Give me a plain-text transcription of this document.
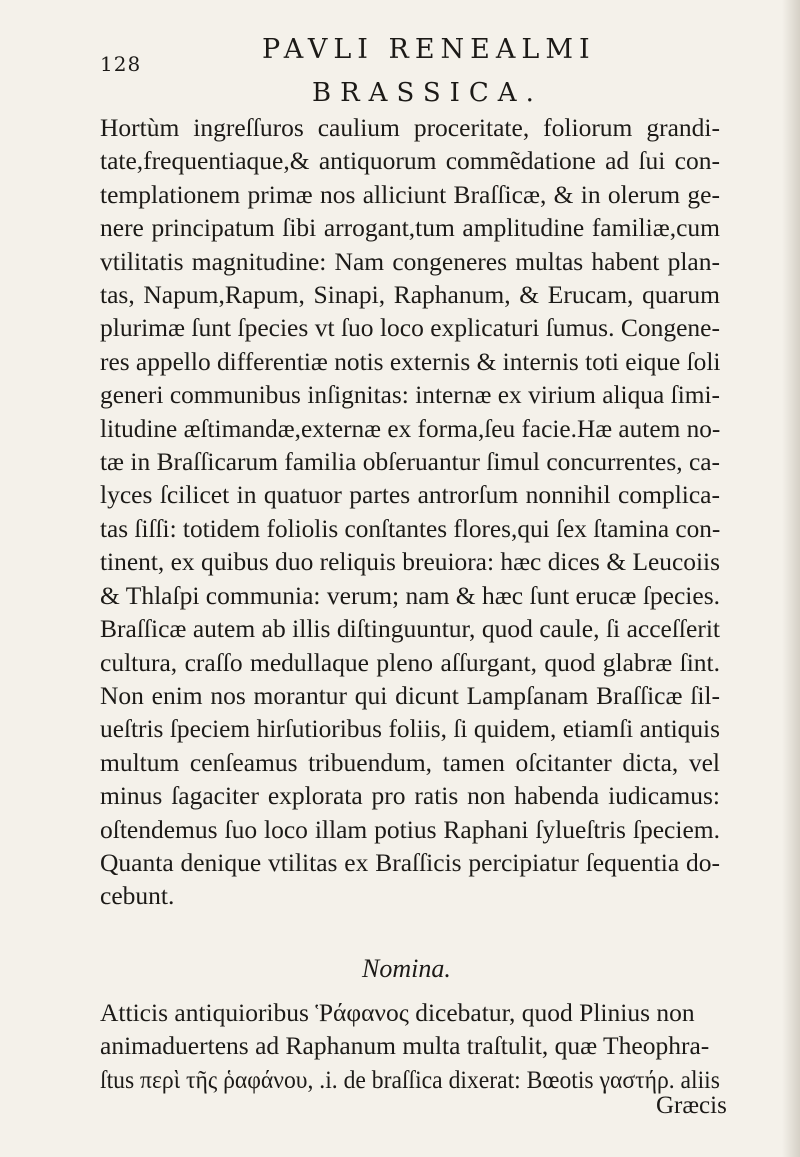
128	PAVLI RENEALMI
BRASSICA.
Hortùm ingreſſuros caulium proceritate, foliorum grandi-
tate,frequentiaque,& antiquorum commẽdatione ad ſui con-
templationem primæ nos alliciunt Braſſicæ, & in olerum ge-
nere principatum ſibi arrogant,tum amplitudine familiæ,cum
vtilitatis magnitudine: Nam congeneres multas habent plan-
tas, Napum,Rapum, Sinapi, Raphanum, & Erucam, quarum
plurimæ ſunt ſpecies vt ſuo loco explicaturi ſumus. Congene-
res appello differentiæ notis externis & internis toti eique ſoli
generi communibus inſignitas: internæ ex virium aliqua ſimi-
litudine æſtimandæ,externæ ex forma,ſeu facie.Hæ autem no-
tæ in Braſſicarum familia obſeruantur ſimul concurrentes, ca-
lyces ſcilicet in quatuor partes antrorſum nonnihil complica-
tas ſiſſi: totidem foliolis conſtantes flores,qui ſex ſtamina con-
tinent, ex quibus duo reliquis breuiora: hæc dices & Leucoiis
& Thlaſpi communia: verum; nam & hæc ſunt erucæ ſpecies.
Braſſicæ autem ab illis diſtinguuntur, quod caule, ſi acceſſerit
cultura, craſſo medullaque pleno aſſurgant, quod glabræ ſint.
Non enim nos morantur qui dicunt Lampſanam Braſſicæ ſil-
ueſtris ſpeciem hirſutioribus foliis, ſi quidem, etiamſi antiquis
multum cenſeamus tribuendum, tamen oſcitanter dicta, vel
minus ſagaciter explorata pro ratis non habenda iudicamus:
oſtendemus ſuo loco illam potius Raphani ſylueſtris ſpeciem.
Quanta denique vtilitas ex Braſſicis percipiatur ſequentia do-
cebunt.
Nomina.
Atticis antiquioribus Ῥάφανος dicebatur, quod Plinius non
animaduertens ad Raphanum multa traſtulit, quæ Theophra-
ſtus περὶ τῆς ῥαφάνου, .i. de braſſica dixerat: Bœotis γαστήρ. aliis
Græcis
